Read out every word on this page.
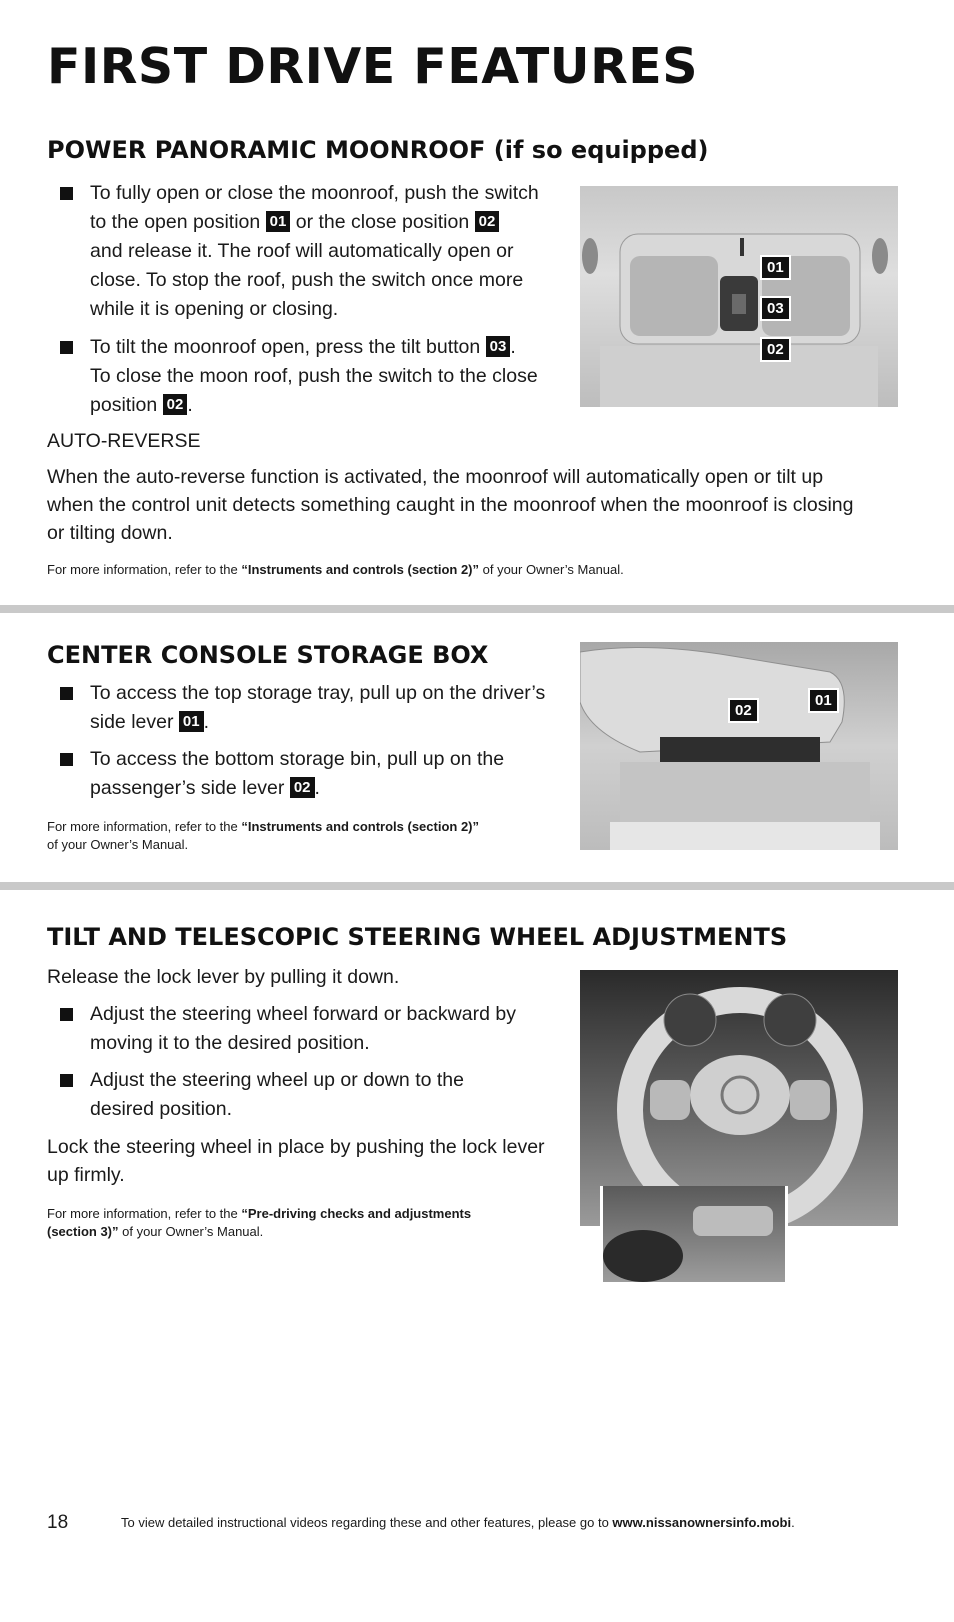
FIRST DRIVE FEATURES
POWER PANORAMIC MOONROOF (if so equipped)
To fully open or close the moonroof, push the switch
to the open position 01 or the close position 02
and release it. The roof will automatically open or
close. To stop the roof, push the switch once more
while it is opening or closing.
To tilt the moonroof open, press the tilt button 03 .
To close the moon roof, push the switch to the close
position 02 .
01
03
02
AUTO-REVERSE
When the auto-reverse function is activated, the moonroof will automatically open or tilt up
when the control unit detects something caught in the moonroof when the moonroof is closing
or tilting down.
For more information, refer to the “Instruments and controls (section 2)” of your Owner’s Manual.
CENTER CONSOLE STORAGE BOX
To access the top storage tray, pull up on the driver’s
side lever 01 .
To access the bottom storage bin, pull up on the
passenger’s side lever 02 .
For more information, refer to the “Instruments and controls (section 2)”
of your Owner’s Manual.
02
01
TILT AND TELESCOPIC STEERING WHEEL ADJUSTMENTS
Release the lock lever by pulling it down.
Adjust the steering wheel forward or backward by
moving it to the desired position.
Adjust the steering wheel up or down to the
desired position.
Lock the steering wheel in place by pushing the lock lever
up firmly.
For more information, refer to the “Pre-driving checks and adjustments
(section 3)” of your Owner’s Manual.
18	To view detailed instructional videos regarding these and other features, please go to www.nissanownersinfo.mobi.
